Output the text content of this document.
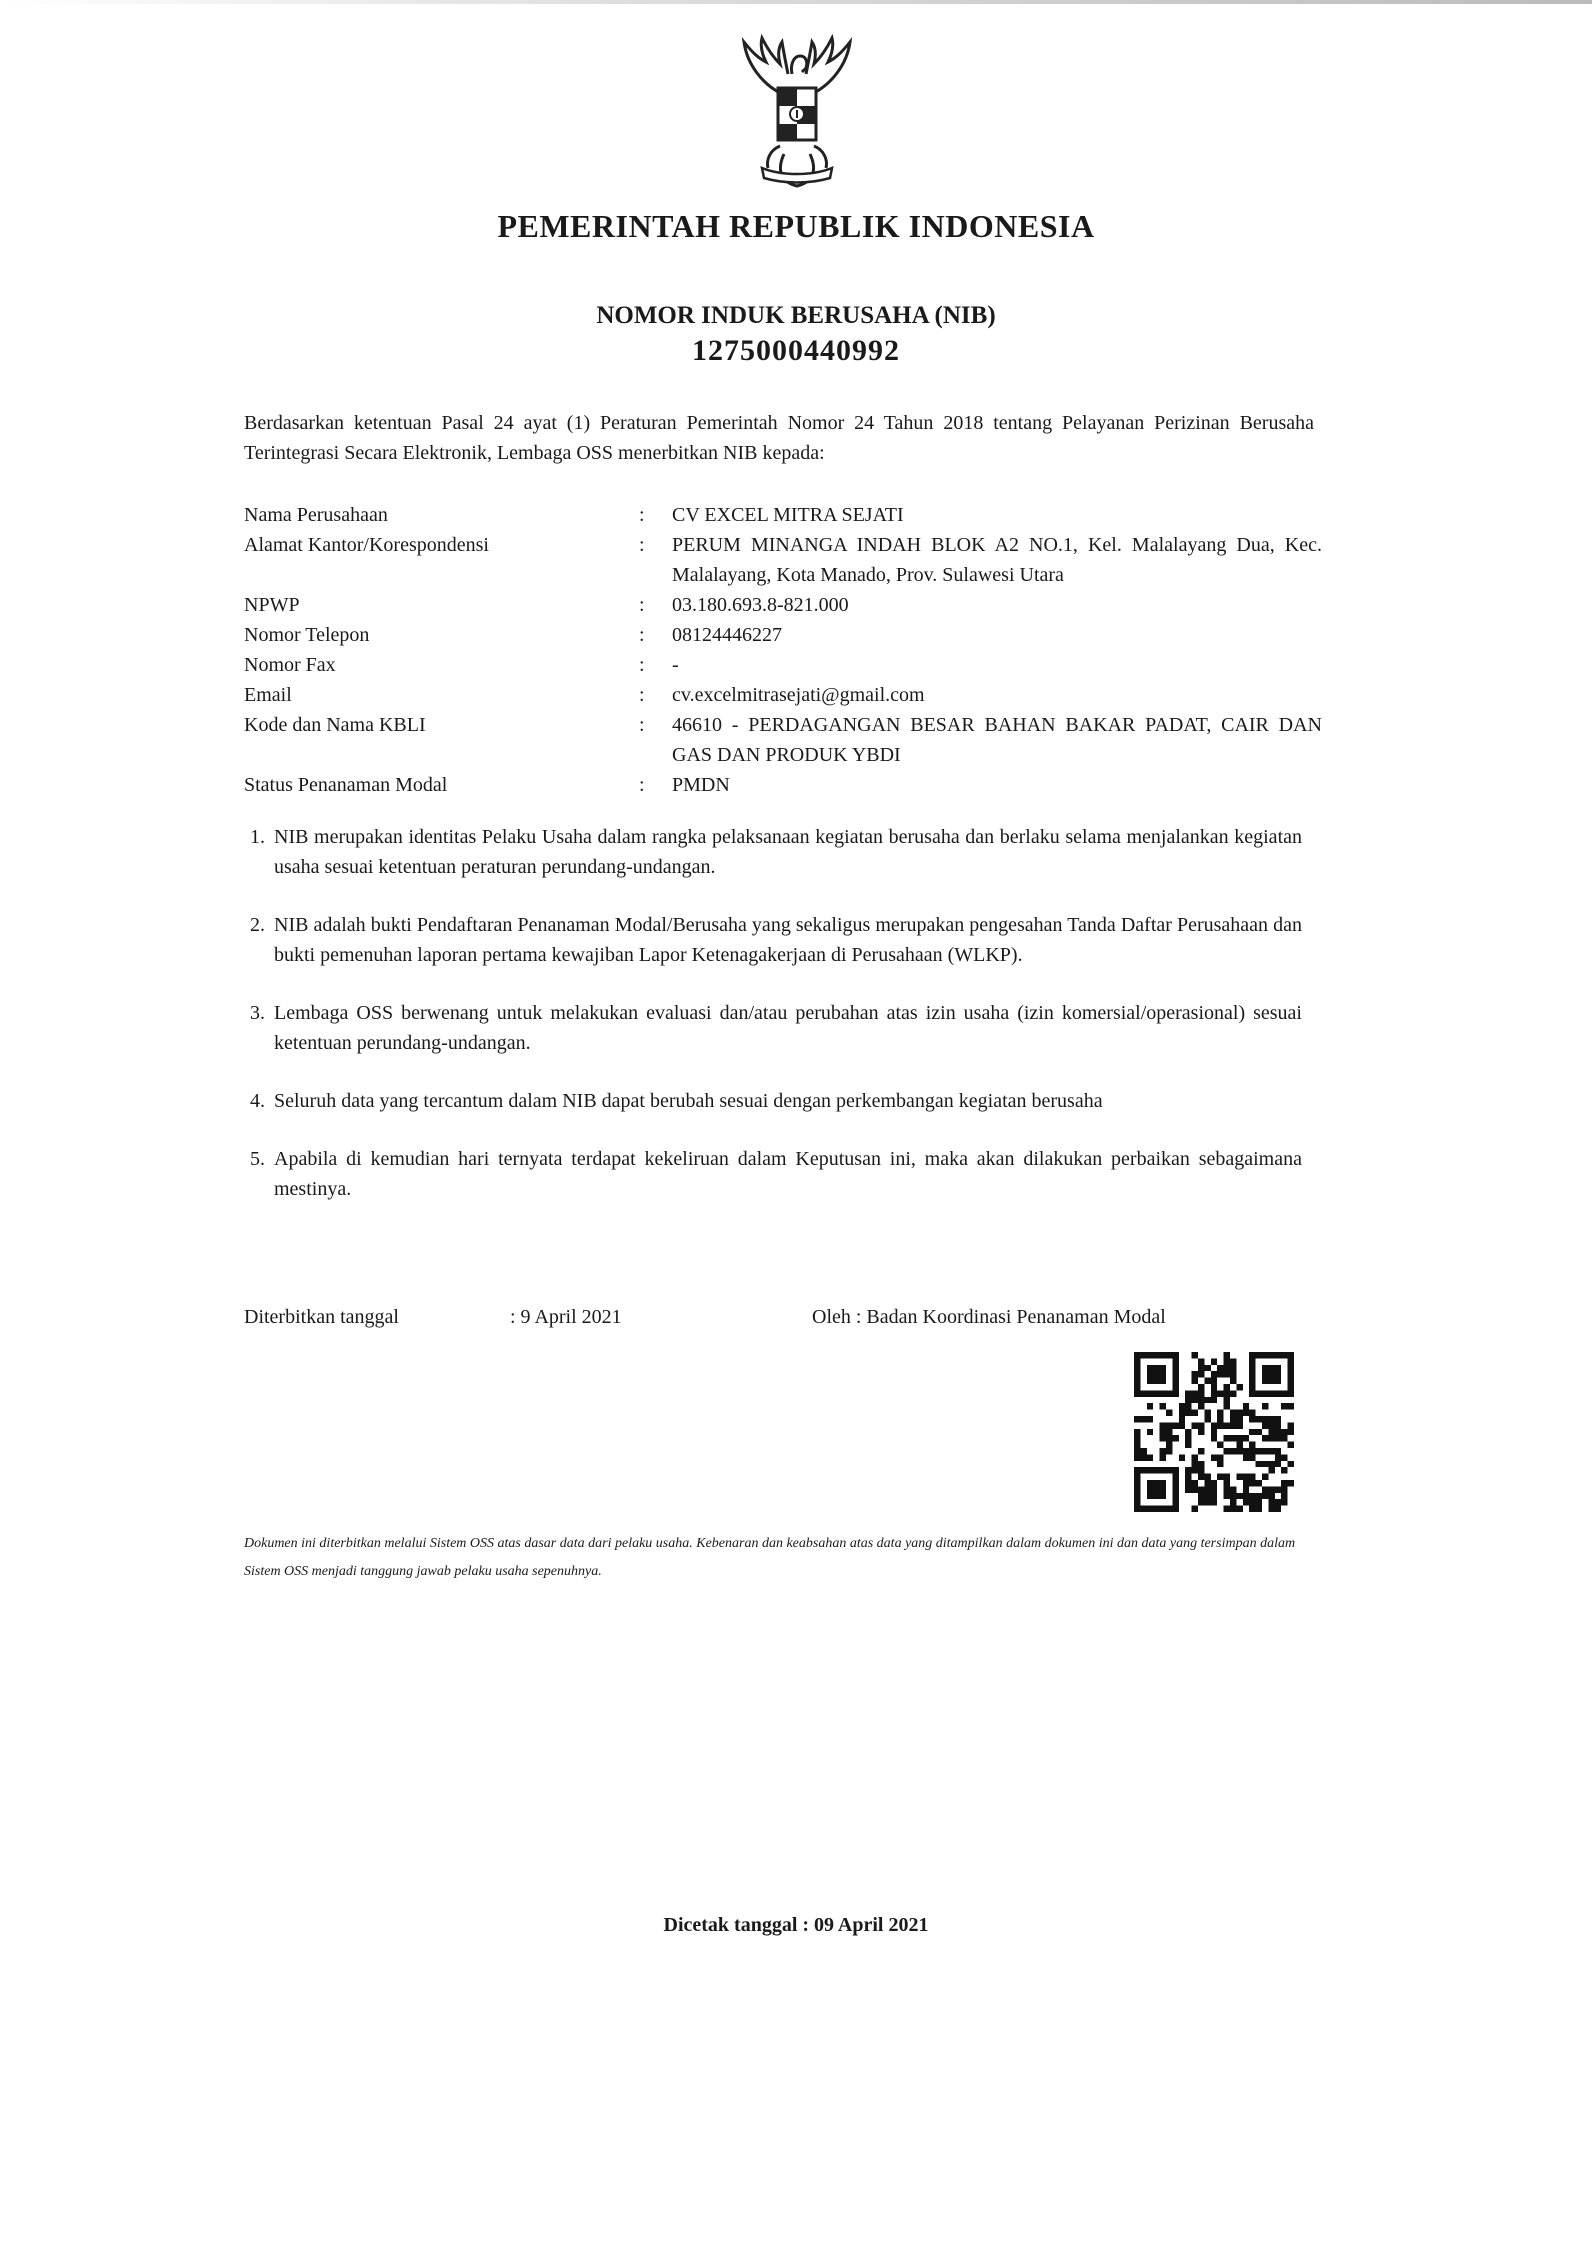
PEMERINTAH REPUBLIK INDONESIA
NOMOR INDUK BERUSAHA (NIB)
1275000440992
Berdasarkan ketentuan Pasal 24 ayat (1) Peraturan Pemerintah Nomor 24 Tahun 2018 tentang Pelayanan Perizinan Berusaha Terintegrasi Secara Elektronik, Lembaga OSS menerbitkan NIB kepada:
Nama Perusahaan	: CV EXCEL MITRA SEJATI
Alamat Kantor/Korespondensi	: PERUM MINANGA INDAH BLOK A2 NO.1, Kel. Malalayang Dua, Kec. Malalayang, Kota Manado, Prov. Sulawesi Utara
NPWP	: 03.180.693.8-821.000
Nomor Telepon	: 08124446227
Nomor Fax	: -
Email	: cv.excelmitrasejati@gmail.com
Kode dan Nama KBLI	: 46610 - PERDAGANGAN BESAR BAHAN BAKAR PADAT, CAIR DAN GAS DAN PRODUK YBDI
Status Penanaman Modal	: PMDN
1. NIB merupakan identitas Pelaku Usaha dalam rangka pelaksanaan kegiatan berusaha dan berlaku selama menjalankan kegiatan usaha sesuai ketentuan peraturan perundang-undangan.
2. NIB adalah bukti Pendaftaran Penanaman Modal/Berusaha yang sekaligus merupakan pengesahan Tanda Daftar Perusahaan dan bukti pemenuhan laporan pertama kewajiban Lapor Ketenagakerjaan di Perusahaan (WLKP).
3. Lembaga OSS berwenang untuk melakukan evaluasi dan/atau perubahan atas izin usaha (izin komersial/operasional) sesuai ketentuan perundang-undangan.
4. Seluruh data yang tercantum dalam NIB dapat berubah sesuai dengan perkembangan kegiatan berusaha
5. Apabila di kemudian hari ternyata terdapat kekeliruan dalam Keputusan ini, maka akan dilakukan perbaikan sebagaimana mestinya.
Diterbitkan tanggal	: 9 April 2021	Oleh : Badan Koordinasi Penanaman Modal
Dokumen ini diterbitkan melalui Sistem OSS atas dasar data dari pelaku usaha. Kebenaran dan keabsahan atas data yang ditampilkan dalam dokumen ini dan data yang tersimpan dalam Sistem OSS menjadi tanggung jawab pelaku usaha sepenuhnya.
Dicetak tanggal : 09 April 2021
